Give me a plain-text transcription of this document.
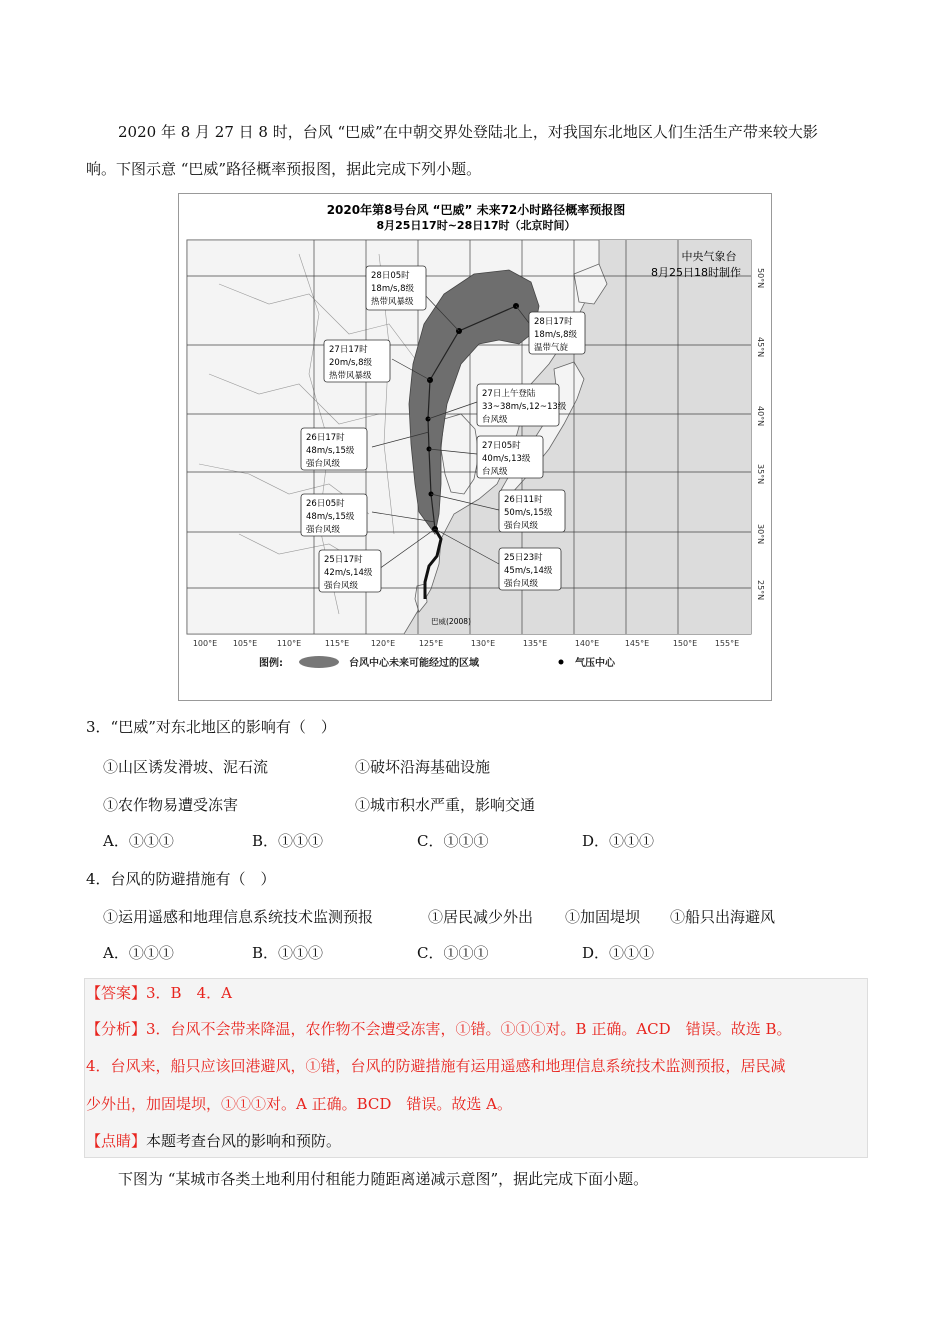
2020 年 8 月 27 日 8 时，台风 “巴威”在中朝交界处登陆北上，对我国东北地区人们生活生产带来较大影
响。下图示意 “巴威”路径概率预报图，据此完成下列小题。
2020年第8号台风 “巴威” 未来72小时路径概率预报图
8月25日17时~28日17时（北京时间）
中央气象台
8月25日18时制作
28日05时
18m/s,8级
热带风暴级
28日17时
18m/s,8级
温带气旋
27日17时
20m/s,8级
热带风暴级
27日上午登陆
33~38m/s,12~13级
台风级
26日17时
48m/s,15级
强台风级
27日05时
40m/s,13级
台风级
26日05时
48m/s,15级
强台风级
26日11时
50m/s,15级
强台风级
25日17时
42m/s,14级
强台风级
25日23时
45m/s,14级
强台风级
巴威(2008)
50°N
45°N
40°N
35°N
30°N
25°N
100°E 105°E 110°E	115°E	120°E	125°E	130°E	135°E	140°E	145°E	150°E 155°E
图例:	台风中心未来可能经过的区域	气压中心
3．“巴威”对东北地区的影响有（　）
①山区诱发滑坡、泥石流	①破坏沿海基础设施
①农作物易遭受冻害	①城市积水严重，影响交通
A．①①①	B．①①①	C．①①①	D．①①①
4．台风的防避措施有（　）
①运用遥感和地理信息系统技术监测预报	①居民减少外出 ①加固堤坝 ①船只出海避风
A．①①①	B．①①①	C．①①①	D．①①①
【答案】3．B　4．A
【分析】3．台风不会带来降温，农作物不会遭受冻害，①错。①①①对。B 正确。ACD　错误。故选 B。
4．台风来，船只应该回港避风，①错，台风的防避措施有运用遥感和地理信息系统技术监测预报，居民减
少外出，加固堤坝，①①①对。A 正确。BCD　错误。故选 A。
【点睛】本题考查台风的影响和预防。
下图为 “某城市各类土地利用付租能力随距离递减示意图”，据此完成下面小题。
